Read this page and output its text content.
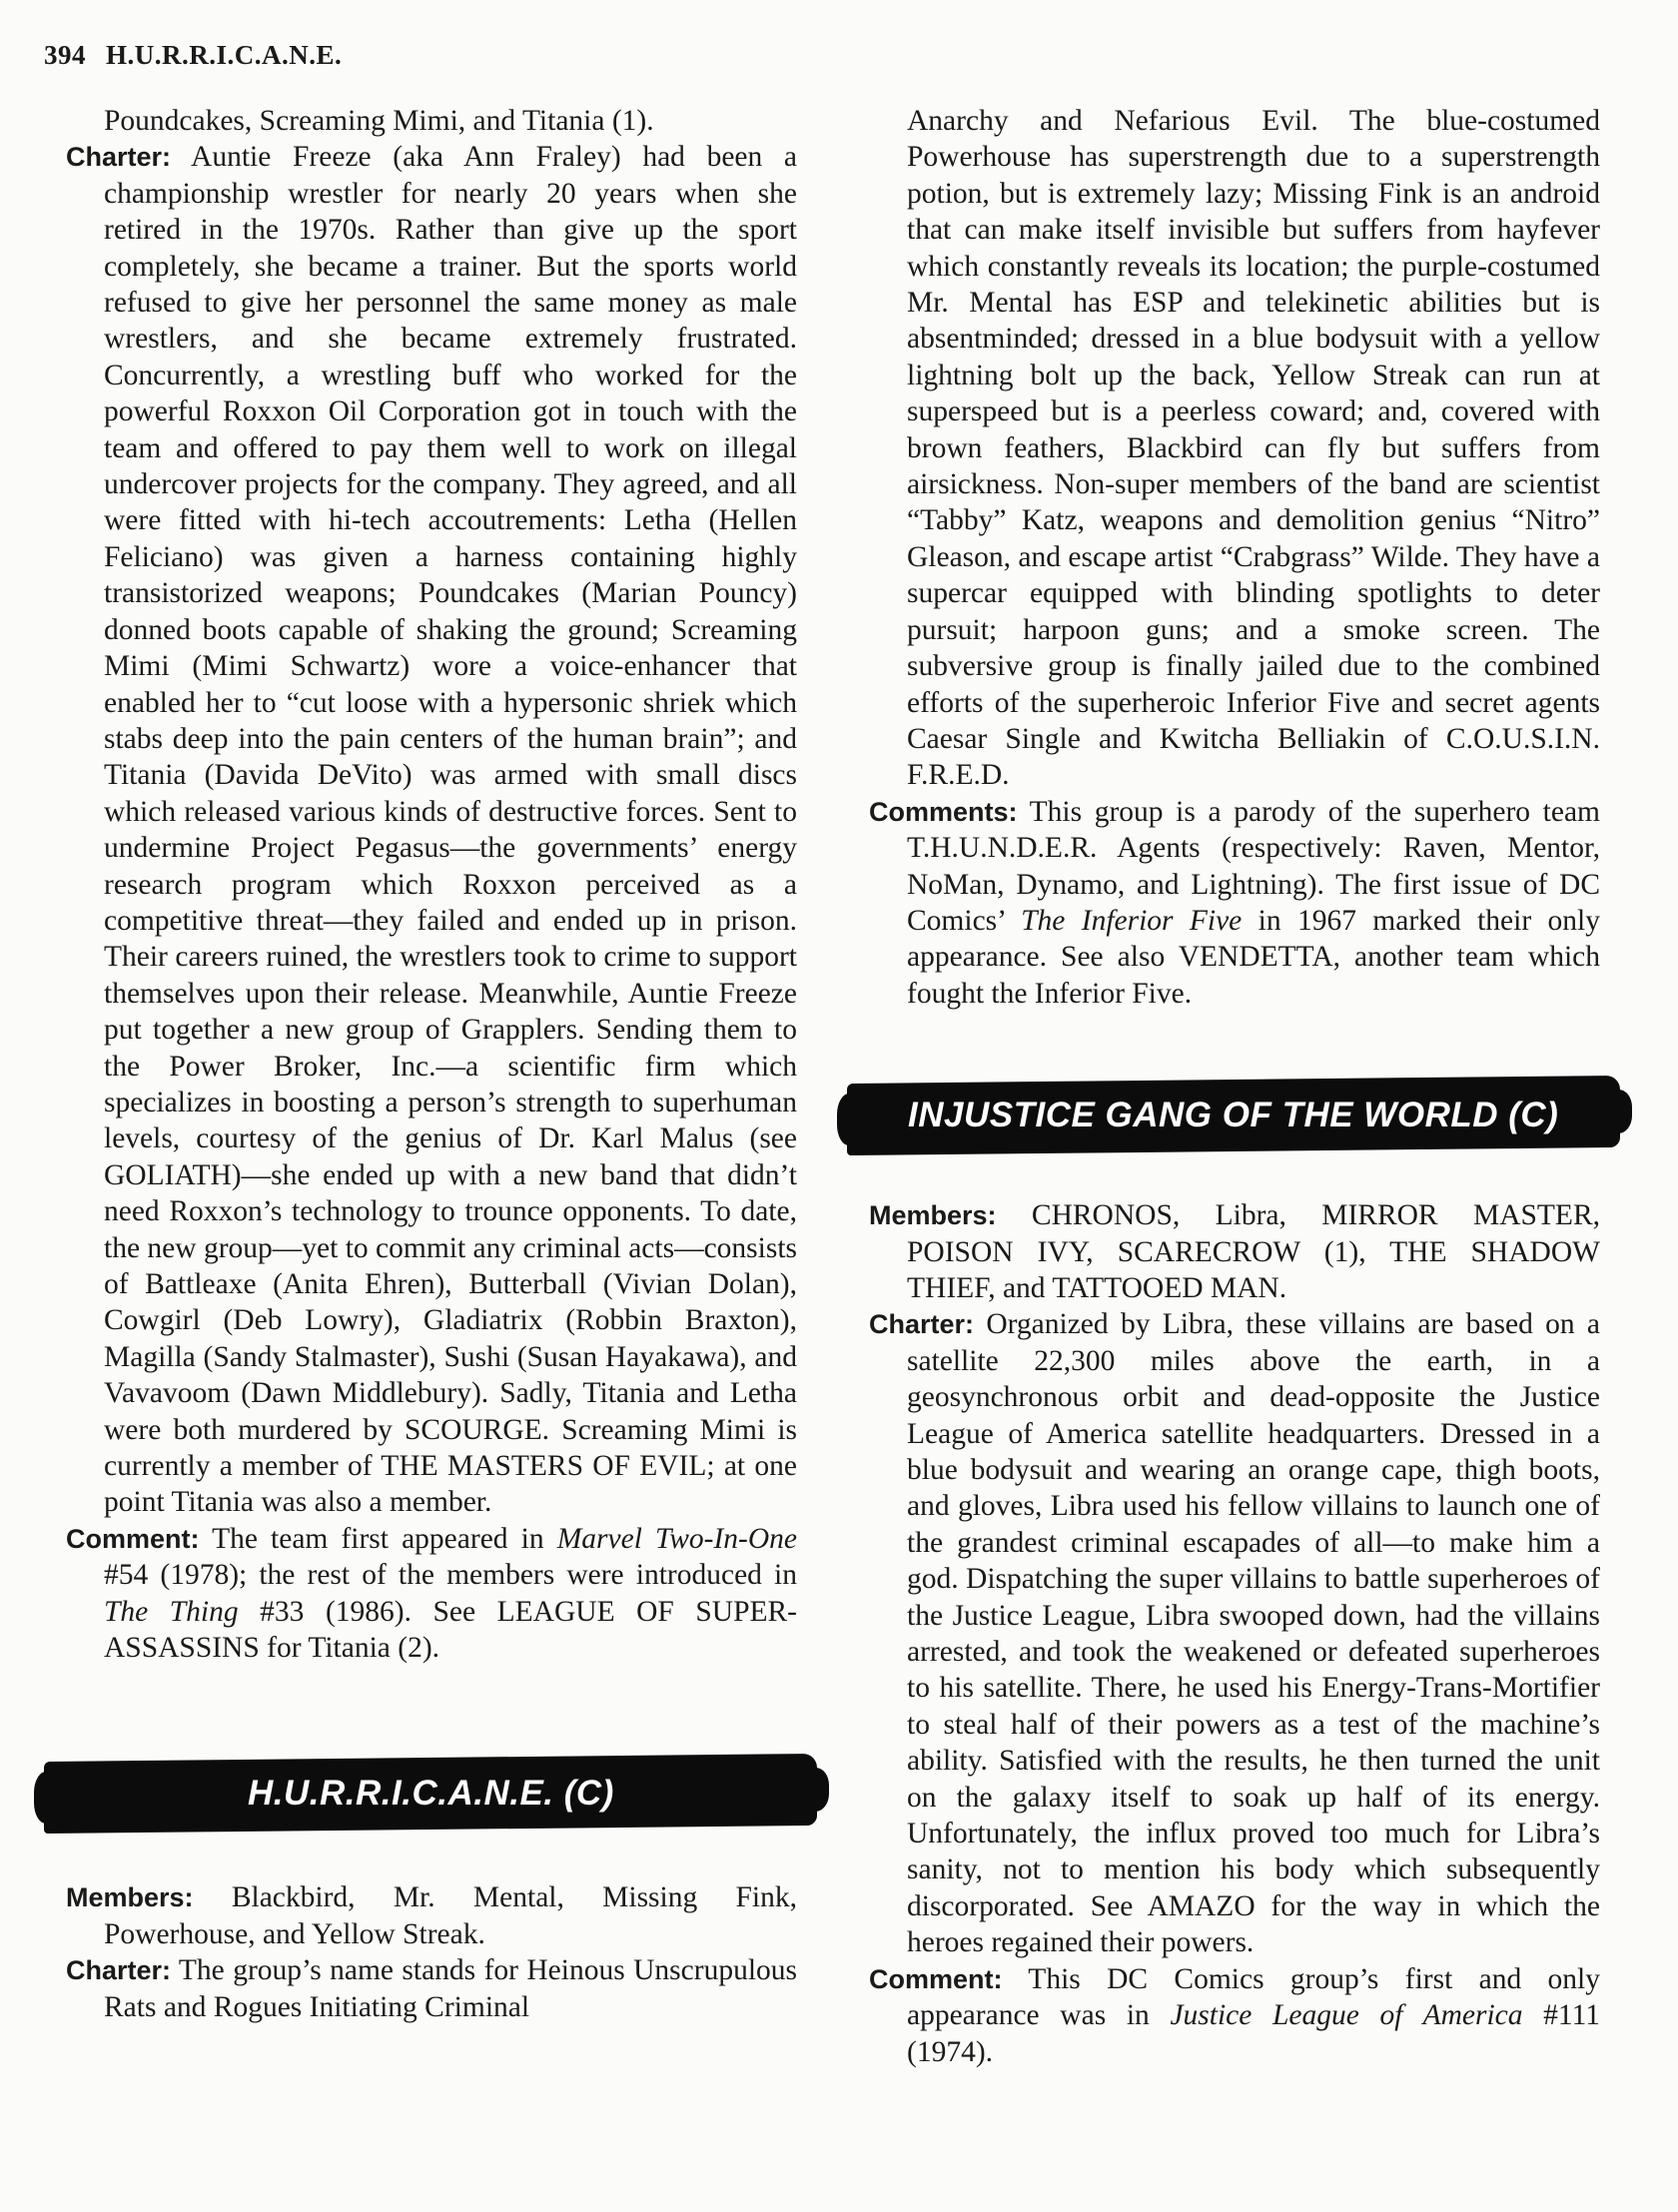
394 H.U.R.R.I.C.A.N.E.

Poundcakes, Screaming Mimi, and Titania (1).

Charter: Auntie Freeze (aka Ann Fraley) had been a championship wrestler for nearly 20 years when she retired in the 1970s. Rather than give up the sport completely, she became a trainer. But the sports world refused to give her personnel the same money as male wrestlers, and she became extremely frustrated. Concurrently, a wrestling buff who worked for the powerful Roxxon Oil Corporation got in touch with the team and offered to pay them well to work on illegal undercover projects for the company. They agreed, and all were fitted with hi-tech accoutrements: Letha (Hellen Feliciano) was given a harness containing highly transistorized weapons; Poundcakes (Marian Pouncy) donned boots capable of shaking the ground; Screaming Mimi (Mimi Schwartz) wore a voice-enhancer that enabled her to “cut loose with a hypersonic shriek which stabs deep into the pain centers of the human brain”; and Titania (Davida DeVito) was armed with small discs which released various kinds of destructive forces. Sent to undermine Project Pegasus—the governments’ energy research program which Roxxon perceived as a competitive threat—they failed and ended up in prison. Their careers ruined, the wrestlers took to crime to support themselves upon their release. Meanwhile, Auntie Freeze put together a new group of Grapplers. Sending them to the Power Broker, Inc.—a scientific firm which specializes in boosting a person’s strength to superhuman levels, courtesy of the genius of Dr. Karl Malus (see GOLIATH)—she ended up with a new band that didn’t need Roxxon’s technology to trounce opponents. To date, the new group—yet to commit any criminal acts—consists of Battleaxe (Anita Ehren), Butterball (Vivian Dolan), Cowgirl (Deb Lowry), Gladiatrix (Robbin Braxton), Magilla (Sandy Stalmaster), Sushi (Susan Hayakawa), and Vavavoom (Dawn Middlebury). Sadly, Titania and Letha were both murdered by SCOURGE. Screaming Mimi is currently a member of THE MASTERS OF EVIL; at one point Titania was also a member.

Comment: The team first appeared in Marvel Two-In-One #54 (1978); the rest of the members were introduced in The Thing #33 (1986). See LEAGUE OF SUPER-ASSASSINS for Titania (2).

H.U.R.R.I.C.A.N.E. (C)

Members: Blackbird, Mr. Mental, Missing Fink, Powerhouse, and Yellow Streak.

Charter: The group’s name stands for Heinous Unscrupulous Rats and Rogues Initiating Criminal

Anarchy and Nefarious Evil. The blue-costumed Powerhouse has superstrength due to a superstrength potion, but is extremely lazy; Missing Fink is an android that can make itself invisible but suffers from hayfever which constantly reveals its location; the purple-costumed Mr. Mental has ESP and telekinetic abilities but is absentminded; dressed in a blue bodysuit with a yellow lightning bolt up the back, Yellow Streak can run at superspeed but is a peerless coward; and, covered with brown feathers, Blackbird can fly but suffers from airsickness. Non-super members of the band are scientist “Tabby” Katz, weapons and demolition genius “Nitro” Gleason, and escape artist “Crabgrass” Wilde. They have a supercar equipped with blinding spotlights to deter pursuit; harpoon guns; and a smoke screen. The subversive group is finally jailed due to the combined efforts of the superheroic Inferior Five and secret agents Caesar Single and Kwitcha Belliakin of C.O.U.S.I.N. F.R.E.D.

Comments: This group is a parody of the superhero team T.H.U.N.D.E.R. Agents (respectively: Raven, Mentor, NoMan, Dynamo, and Lightning). The first issue of DC Comics’ The Inferior Five in 1967 marked their only appearance. See also VENDETTA, another team which fought the Inferior Five.

INJUSTICE GANG OF THE WORLD (C)

Members: CHRONOS, Libra, MIRROR MASTER, POISON IVY, SCARECROW (1), THE SHADOW THIEF, and TATTOOED MAN.

Charter: Organized by Libra, these villains are based on a satellite 22,300 miles above the earth, in a geosynchronous orbit and dead-opposite the Justice League of America satellite headquarters. Dressed in a blue bodysuit and wearing an orange cape, thigh boots, and gloves, Libra used his fellow villains to launch one of the grandest criminal escapades of all—to make him a god. Dispatching the super villains to battle superheroes of the Justice League, Libra swooped down, had the villains arrested, and took the weakened or defeated superheroes to his satellite. There, he used his Energy-Trans-Mortifier to steal half of their powers as a test of the machine’s ability. Satisfied with the results, he then turned the unit on the galaxy itself to soak up half of its energy. Unfortunately, the influx proved too much for Libra’s sanity, not to mention his body which subsequently discorporated. See AMAZO for the way in which the heroes regained their powers.

Comment: This DC Comics group’s first and only appearance was in Justice League of America #111 (1974).
